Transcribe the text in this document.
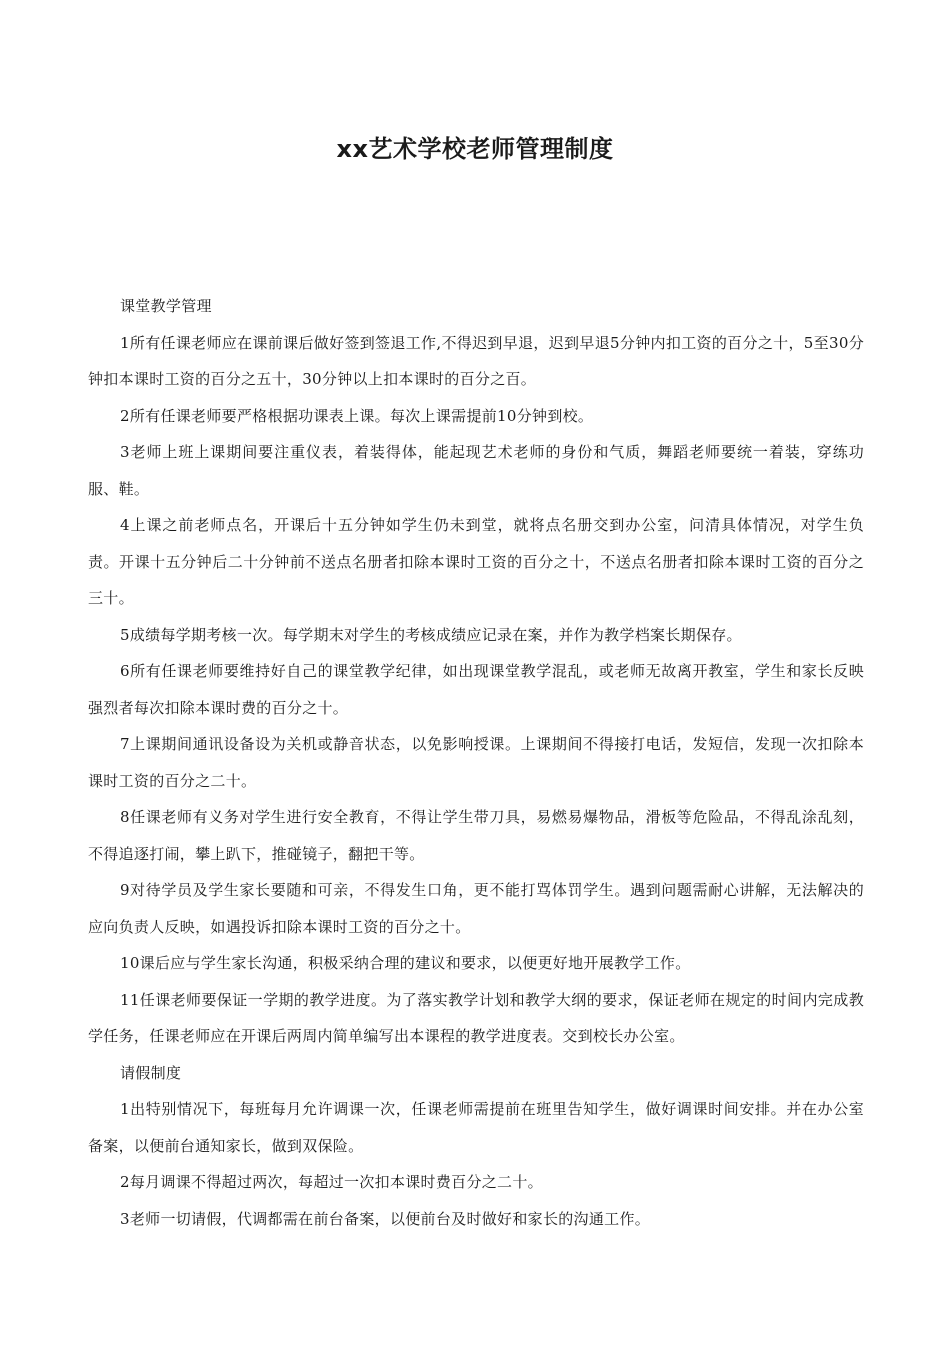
xx艺术学校老师管理制度

课堂教学管理

1所有任课老师应在课前课后做好签到签退工作,不得迟到早退，迟到早退5分钟内扣工资的百分之十，5至30分钟扣本课时工资的百分之五十，30分钟以上扣本课时的百分之百。

2所有任课老师要严格根据功课表上课。每次上课需提前10分钟到校。

3老师上班上课期间要注重仪表，着装得体，能起现艺术老师的身份和气质，舞蹈老师要统一着装，穿练功服、鞋。

4上课之前老师点名，开课后十五分钟如学生仍未到堂，就将点名册交到办公室，问清具体情况，对学生负责。开课十五分钟后二十分钟前不送点名册者扣除本课时工资的百分之十，不送点名册者扣除本课时工资的百分之三十。

5成绩每学期考核一次。每学期末对学生的考核成绩应记录在案，并作为教学档案长期保存。

6所有任课老师要维持好自己的课堂教学纪律，如出现课堂教学混乱，或老师无故离开教室，学生和家长反映强烈者每次扣除本课时费的百分之十。

7上课期间通讯设备设为关机或静音状态，以免影响授课。上课期间不得接打电话，发短信，发现一次扣除本课时工资的百分之二十。

8任课老师有义务对学生进行安全教育，不得让学生带刀具，易燃易爆物品，滑板等危险品，不得乱涂乱刻，不得追逐打闹，攀上趴下，推碰镜子，翻把干等。

9对待学员及学生家长要随和可亲，不得发生口角，更不能打骂体罚学生。遇到问题需耐心讲解，无法解决的应向负责人反映，如遇投诉扣除本课时工资的百分之十。

10课后应与学生家长沟通，积极采纳合理的建议和要求，以便更好地开展教学工作。

11任课老师要保证一学期的教学进度。为了落实教学计划和教学大纲的要求，保证老师在规定的时间内完成教学任务，任课老师应在开课后两周内简单编写出本课程的教学进度表。交到校长办公室。

请假制度

1出特别情况下，每班每月允许调课一次，任课老师需提前在班里告知学生，做好调课时间安排。并在办公室备案，以便前台通知家长，做到双保险。

2每月调课不得超过两次，每超过一次扣本课时费百分之二十。

3老师一切请假，代调都需在前台备案，以便前台及时做好和家长的沟通工作。
